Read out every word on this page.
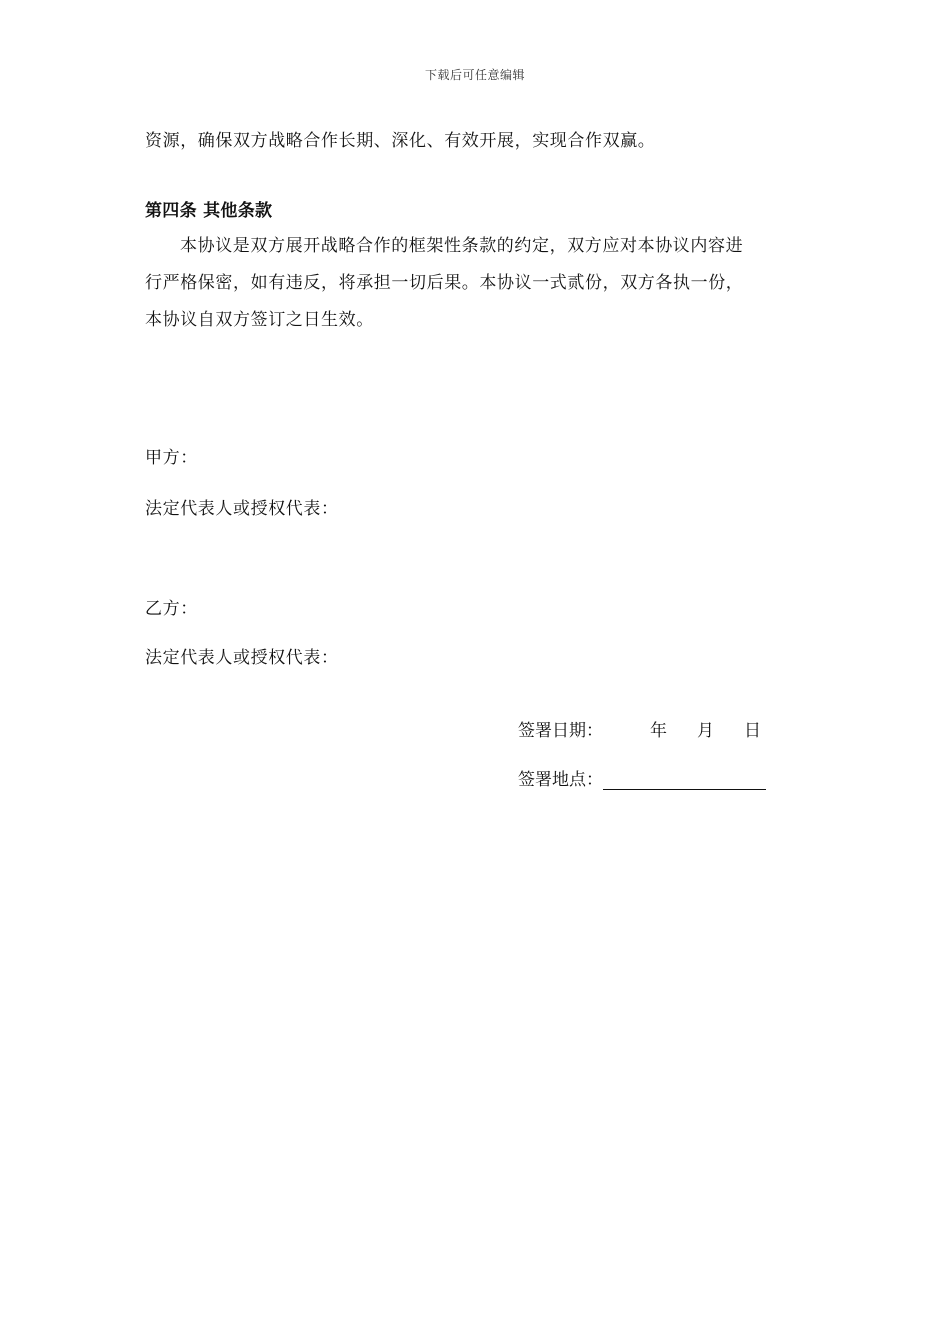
下载后可任意编辑
资源，确保双方战略合作长期、深化、有效开展，实现合作双赢。
第四条 其他条款
本协议是双方展开战略合作的框架性条款的约定，双方应对本协议内容进
行严格保密，如有违反，将承担一切后果。本协议一式贰份，双方各执一份，
本协议自双方签订之日生效。
甲方：
法定代表人或授权代表：
乙方：
法定代表人或授权代表：
签署日期：	年 月 日
签署地点：
